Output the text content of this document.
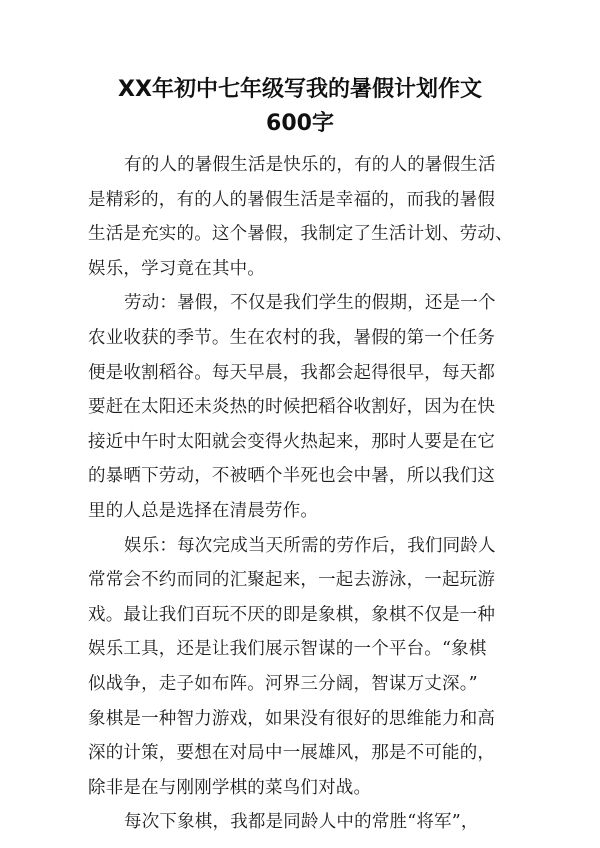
XX年初中七年级写我的暑假计划作文
600字
有的人的暑假生活是快乐的，有的人的暑假生活
是精彩的，有的人的暑假生活是幸福的，而我的暑假
生活是充实的。这个暑假，我制定了生活计划、劳动、
娱乐，学习竟在其中。
劳动：暑假，不仅是我们学生的假期，还是一个
农业收获的季节。生在农村的我，暑假的第一个任务
便是收割稻谷。每天早晨，我都会起得很早，每天都
要赶在太阳还未炎热的时候把稻谷收割好，因为在快
接近中午时太阳就会变得火热起来，那时人要是在它
的暴晒下劳动，不被晒个半死也会中暑，所以我们这
里的人总是选择在清晨劳作。
娱乐：每次完成当天所需的劳作后，我们同龄人
常常会不约而同的汇聚起来，一起去游泳，一起玩游
戏。最让我们百玩不厌的即是象棋，象棋不仅是一种
娱乐工具，还是让我们展示智谋的一个平台。“象棋
似战争，走子如布阵。河界三分阔，智谋万丈深。”
象棋是一种智力游戏，如果没有很好的思维能力和高
深的计策，要想在对局中一展雄风，那是不可能的，
除非是在与刚刚学棋的菜鸟们对战。
每次下象棋，我都是同龄人中的常胜“将军”，
